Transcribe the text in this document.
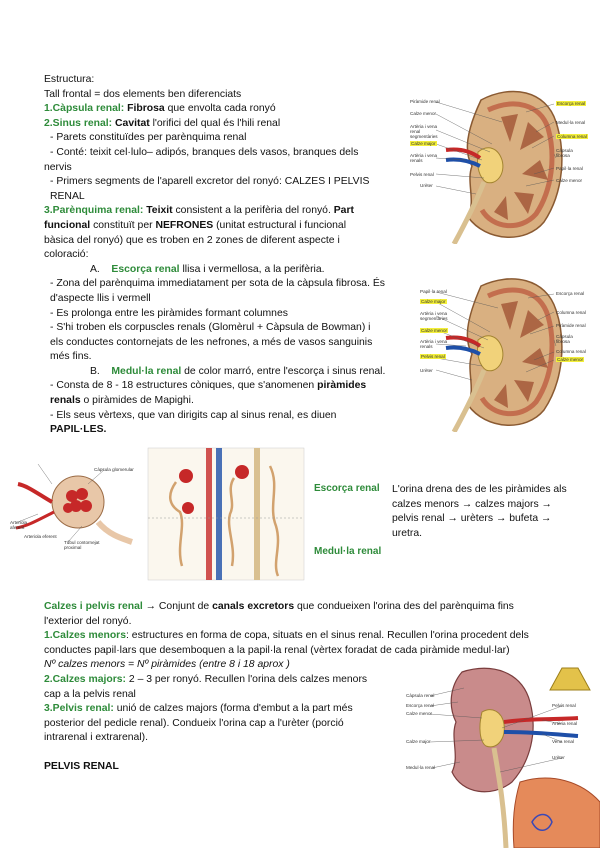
Estructura:
Tall frontal = dos elements ben diferenciats
1.Càpsula renal: Fibrosa que envolta cada ronyó
2.Sinus renal: Cavitat l'orifici del qual és l'hili renal
- Parets constituïdes per parènquima renal
- Conté: teixit cel·lulo– adipós, branques dels vasos, branques dels
nervis
- Primers segments de l'aparell excretor del ronyó: CALZES I PELVIS
RENAL
3.Parènquima renal: Teixit consistent a la perifèria del ronyó. Part
funcional constituït per NEFRONES (unitat estructural i funcional
bàsica del ronyó) que es troben en 2 zones de diferent aspecte i
coloració:
A. Escorça renal llisa i vermellosa, a la perifèria.
- Zona del parènquima immediatament per sota de la càpsula fibrosa. És
d'aspecte llis i vermell
- Es prolonga entre les piràmides formant columnes
- S'hi troben els corpuscles renals (Glomèrul + Càpsula de Bowman) i
els conductes contornejats de les nefrones, a més de vasos sanguinis
més fins.
B. Medul·la renal de color marró, entre l'escorça i sinus renal.
- Consta de 8 - 18 estructures còniques, que s'anomenen piràmides
renals o piràmides de Mapighi.
- Els seus vèrtexs, que van dirigits cap al sinus renal, es diuen
PAPIL·LES.
Piràmide renal
Calze menor
Artèria i vena renal segmentàries
Calze major
Artèria i vena renals
Pelvis renal
Urèter
Escorça renal
Medul·la renal
Columna renal
Càpsula fibrosa
Papil·la renal
Calze menor
Papil·la renal
Calze major
Artèria i vena segmentàries
Calze menor
Artèria i vena renals
Pelvis renal
Urèter
Escorça renal
Columna renal
Piràmide renal
Càpsula fibrosa
Columna renal
Calze menor
Càpsula glomerular
Arteriola aferent
Arteriola eferent
Túbul contornejat proximal
Escorça renal
Medul·la renal
L'orina drena des de les piràmides als
calzes menors → calzes majors →
pelvis renal → urèters → bufeta →
uretra.
Calzes i pelvis renal → Conjunt de canals excretors que condueixen l'orina des del parènquima fins
l'exterior del ronyó.
1.Calzes menors: estructures en forma de copa, situats en el sinus renal. Recullen l'orina procedent dels
conductes papil·lars que desemboquen a la papil·la renal (vèrtex foradat de cada piràmide medul·lar)
Nº calzes menors = Nº piràmides (entre 8 i 18 aprox )
2.Calzes majors: 2 – 3 per ronyó. Recullen l'orina dels calzes menors
cap a la pelvis renal
3.Pelvis renal: unió de calzes majors (forma d'embut a la part més
posterior del pedicle renal). Condueix l'orina cap a l'urèter (porció
intrarenal i extrarenal).
PELVIS RENAL
Càpsula renal
Escorça renal
Calze menor
Calze major
Medul·la renal
Pelvis renal
Artèria renal
Vena renal
Urèter
